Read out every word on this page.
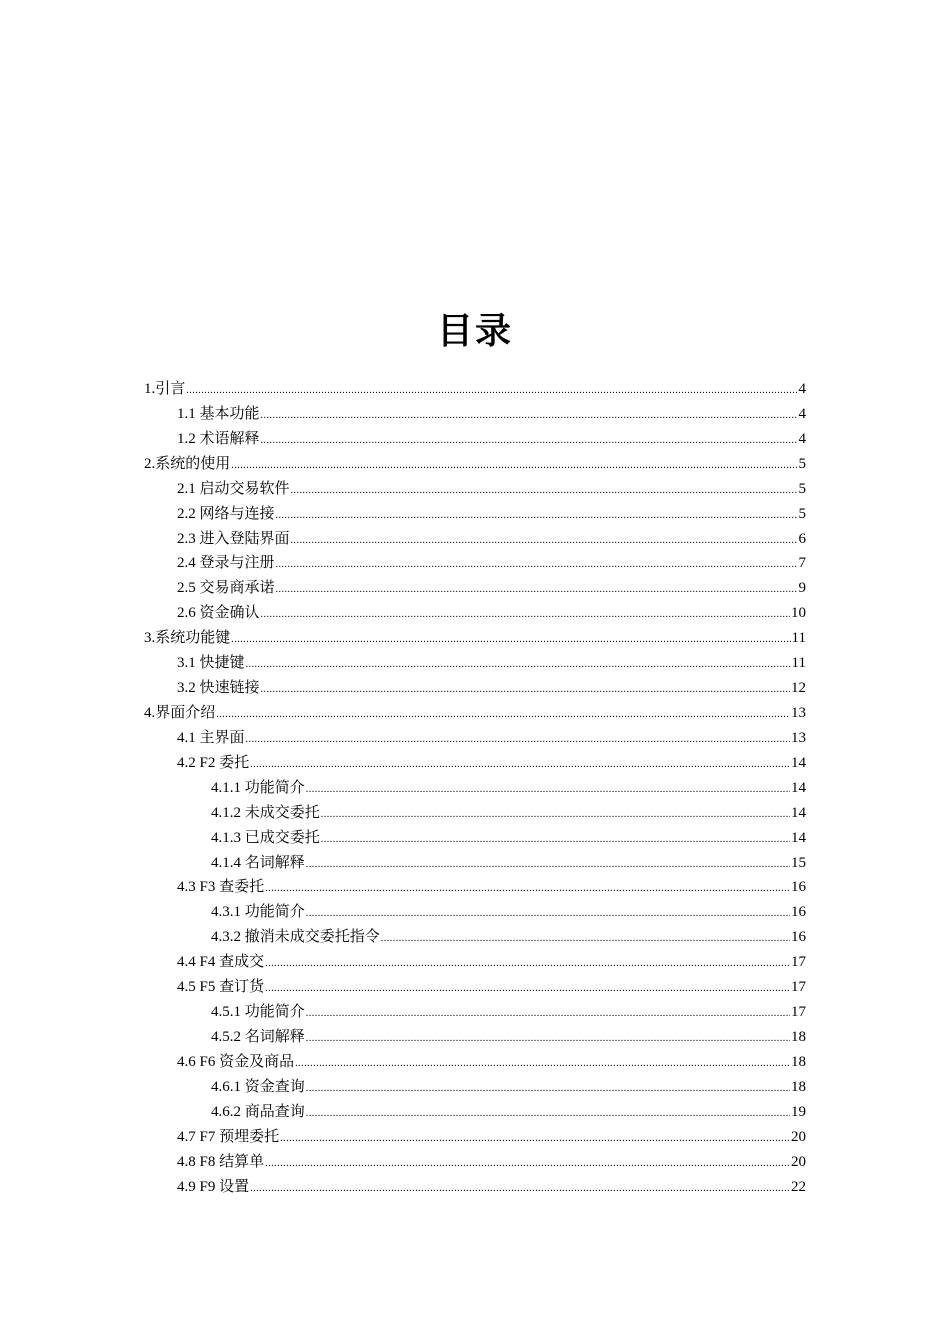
目录
1.引言 .....	4
1.1 基本功能 .....	4
1.2 术语解释 .....	4
2.系统的使用 .....	5
2.1 启动交易软件 .....	5
2.2 网络与连接 .....	5
2.3 进入登陆界面 .....	6
2.4 登录与注册 .....	7
2.5 交易商承诺 .....	9
2.6 资金确认 .....	10
3.系统功能键 .....	11
3.1 快捷键 .....	11
3.2 快速链接 .....	12
4.界面介绍 .....	13
4.1 主界面 .....	13
4.2 F2 委托 .....	14
4.1.1 功能简介 .....	14
4.1.2 未成交委托 .....	14
4.1.3 已成交委托 .....	14
4.1.4 名词解释 .....	15
4.3 F3 查委托 .....	16
4.3.1 功能简介 .....	16
4.3.2 撤消未成交委托指令 .....	16
4.4 F4 查成交 .....	17
4.5 F5 查订货 .....	17
4.5.1 功能简介 .....	17
4.5.2 名词解释 .....	18
4.6 F6 资金及商品 .....	18
4.6.1 资金查询 .....	18
4.6.2 商品查询 .....	19
4.7 F7 预埋委托 .....	20
4.8 F8 结算单 .....	20
4.9 F9 设置 .....	22
